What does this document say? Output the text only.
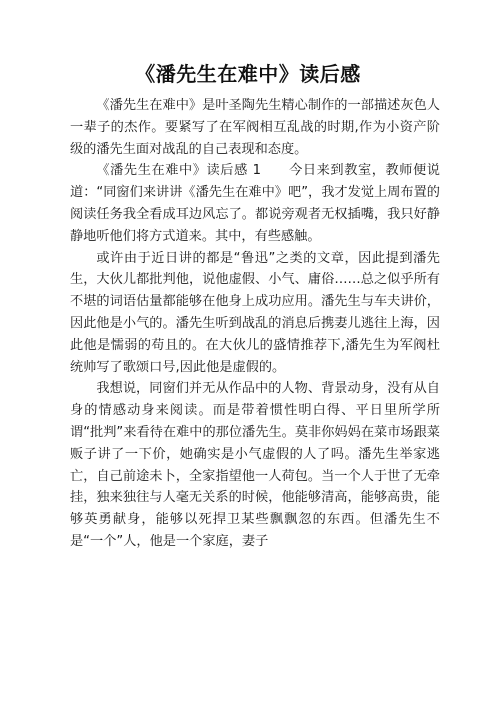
《潘先生在难中》读后感

《潘先生在难中》是叶圣陶先生精心制作的一部描述灰色人一辈子的杰作。要紧写了在军阀相互乱战的时期,作为小资产阶级的潘先生面对战乱的自己表现和态度。

《潘先生在难中》读后感 1　　今日来到教室，教师便说道：“同窗们来讲讲《潘先生在难中》吧”，我才发觉上周布置的阅读任务我全看成耳边风忘了。都说旁观者无权插嘴，我只好静静地听他们将方式道来。其中，有些感触。

或许由于近日讲的都是“鲁迅”之类的文章，因此提到潘先生，大伙儿都批判他，说他虚假、小气、庸俗……总之似乎所有不堪的词语估量都能够在他身上成功应用。潘先生与车夫讲价，因此他是小气的。潘先生听到战乱的消息后携妻儿逃往上海，因此他是懦弱的苟且的。在大伙儿的盛情推荐下,潘先生为军阀杜统帅写了歌颂口号,因此他是虚假的。

我想说，同窗们并无从作品中的人物、背景动身，没有从自身的情感动身来阅读。而是带着惯性明白得、平日里所学所谓“批判”来看待在难中的那位潘先生。莫非你妈妈在菜市场跟菜贩子讲了一下价，她确实是小气虚假的人了吗。潘先生举家逃亡，自己前途未卜，全家指望他一人荷包。当一个人于世了无牵挂，独来独往与人毫无关系的时候，他能够清高，能够高贵，能够英勇献身，能够以死捍卫某些飘飘忽的东西。但潘先生不是“一个”人，他是一个家庭，妻子
